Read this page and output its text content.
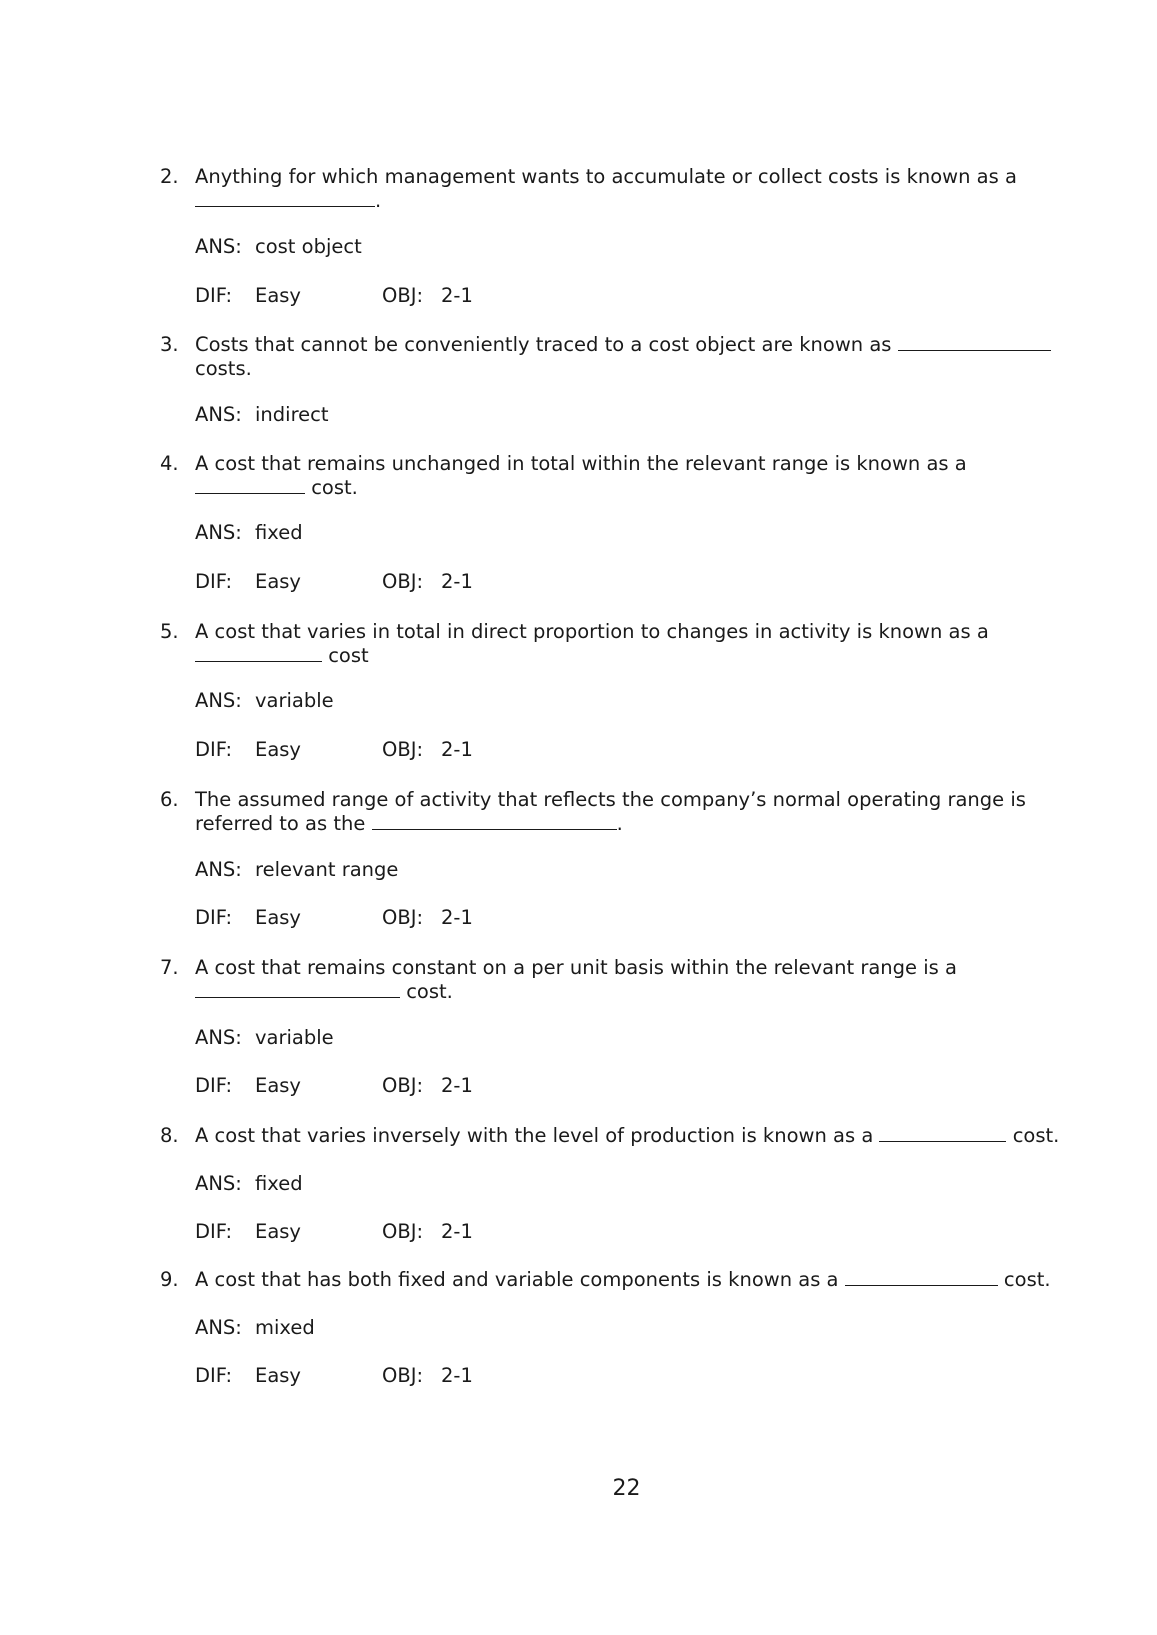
2. Anything for which management wants to accumulate or collect costs is known as a
.
ANS: cost object
DIF: Easy	OBJ: 2-1
3. Costs that cannot be conveniently traced to a cost object are known as
costs.
ANS: indirect
4. A cost that remains unchanged in total within the relevant range is known as a
cost.
ANS: fixed
DIF: Easy	OBJ: 2-1
5. A cost that varies in total in direct proportion to changes in activity is known as a
cost
ANS: variable
DIF: Easy	OBJ: 2-1
6. The assumed range of activity that reflects the company’s normal operating range is
referred to as the	.
ANS: relevant range
DIF: Easy	OBJ: 2-1
7. A cost that remains constant on a per unit basis within the relevant range is a
cost.
ANS: variable
DIF: Easy	OBJ: 2-1
8. A cost that varies inversely with the level of production is known as a	cost.
ANS: fixed
DIF: Easy	OBJ: 2-1
9. A cost that has both fixed and variable components is known as a	cost.
ANS: mixed
DIF: Easy	OBJ: 2-1
22
